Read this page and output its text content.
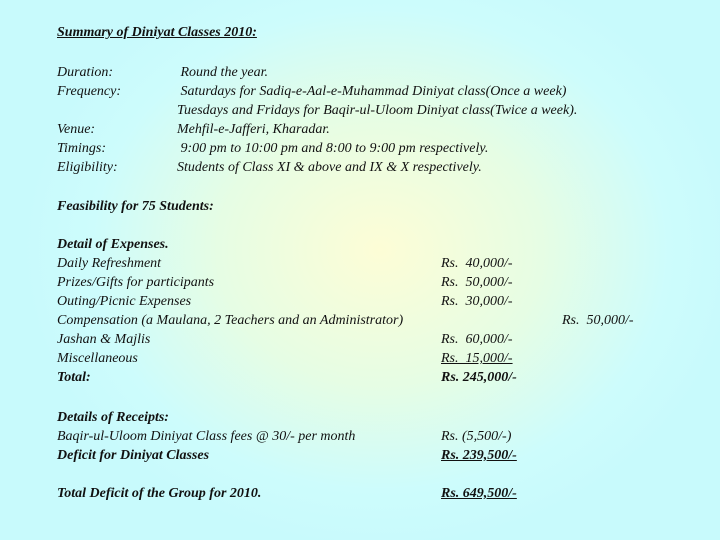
Summary of Diniyat Classes 2010:
Duration:	Round the year.
Frequency:	Saturdays for Sadiq-e-Aal-e-Muhammad Diniyat class(Once a week)
Tuesdays and Fridays for Baqir-ul-Uloom Diniyat class(Twice a week).
Venue:	Mehfil-e-Jafferi, Kharadar.
Timings:	9:00 pm to 10:00 pm and 8:00 to 9:00 pm respectively.
Eligibility:	Students of Class XI & above and IX & X respectively.
Feasibility for 75 Students:
Detail of Expenses.
Daily Refreshment	Rs.  40,000/-
Prizes/Gifts for participants	Rs.  50,000/-
Outing/Picnic Expenses	Rs.  30,000/-
Compensation (a Maulana, 2 Teachers and an Administrator)	Rs.  50,000/-
Jashan & Majlis	Rs.  60,000/-
Miscellaneous	Rs.  15,000/-
Total:	Rs. 245,000/-
Details of Receipts:
Baqir-ul-Uloom Diniyat Class fees @ 30/- per month	Rs. (5,500/-)
Deficit for Diniyat Classes	Rs. 239,500/-
Total Deficit of the Group for 2010.	Rs. 649,500/-
